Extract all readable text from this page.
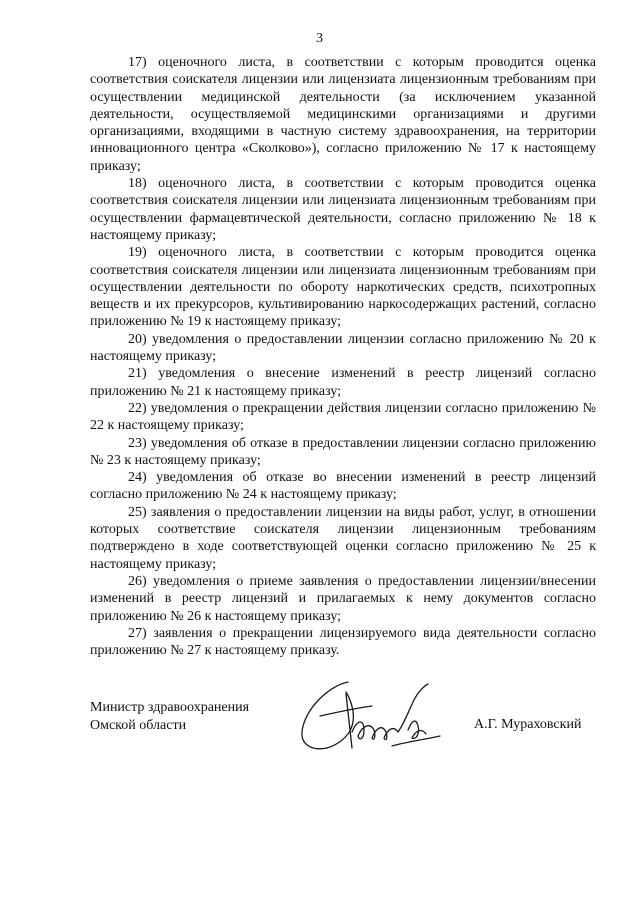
3

17) оценочного листа, в соответствии с которым проводится оценка соответствия соискателя лицензии или лицензиата лицензионным требованиям при осуществлении медицинской деятельности (за исключением указанной деятельности, осуществляемой медицинскими организациями и другими организациями, входящими в частную систему здравоохранения, на территории инновационного центра «Сколково»), согласно приложению № 17 к настоящему приказу;

18) оценочного листа, в соответствии с которым проводится оценка соответствия соискателя лицензии или лицензиата лицензионным требованиям при осуществлении фармацевтической деятельности, согласно приложению № 18 к настоящему приказу;

19) оценочного листа, в соответствии с которым проводится оценка соответствия соискателя лицензии или лицензиата лицензионным требованиям при осуществлении деятельности по обороту наркотических средств, психотропных веществ и их прекурсоров, культивированию наркосодержащих растений, согласно приложению № 19 к настоящему приказу;

20) уведомления о предоставлении лицензии согласно приложению № 20 к настоящему приказу;

21) уведомления о внесение изменений в реестр лицензий согласно приложению № 21 к настоящему приказу;

22) уведомления о прекращении действия лицензии согласно приложению № 22 к настоящему приказу;

23) уведомления об отказе в предоставлении лицензии согласно приложению № 23 к настоящему приказу;

24) уведомления об отказе во внесении изменений в реестр лицензий согласно приложению № 24 к настоящему приказу;

25) заявления о предоставлении лицензии на виды работ, услуг, в отношении которых соответствие соискателя лицензии лицензионным требованиям подтверждено в ходе соответствующей оценки согласно приложению № 25 к настоящему приказу;

26) уведомления о приеме заявления о предоставлении лицензии/внесении изменений в реестр лицензий и прилагаемых к нему документов согласно приложению № 26 к настоящему приказу;

27) заявления о прекращении лицензируемого вида деятельности согласно приложению № 27 к настоящему приказу.

Министр здравоохранения
Омской области	А.Г. Мураховский
